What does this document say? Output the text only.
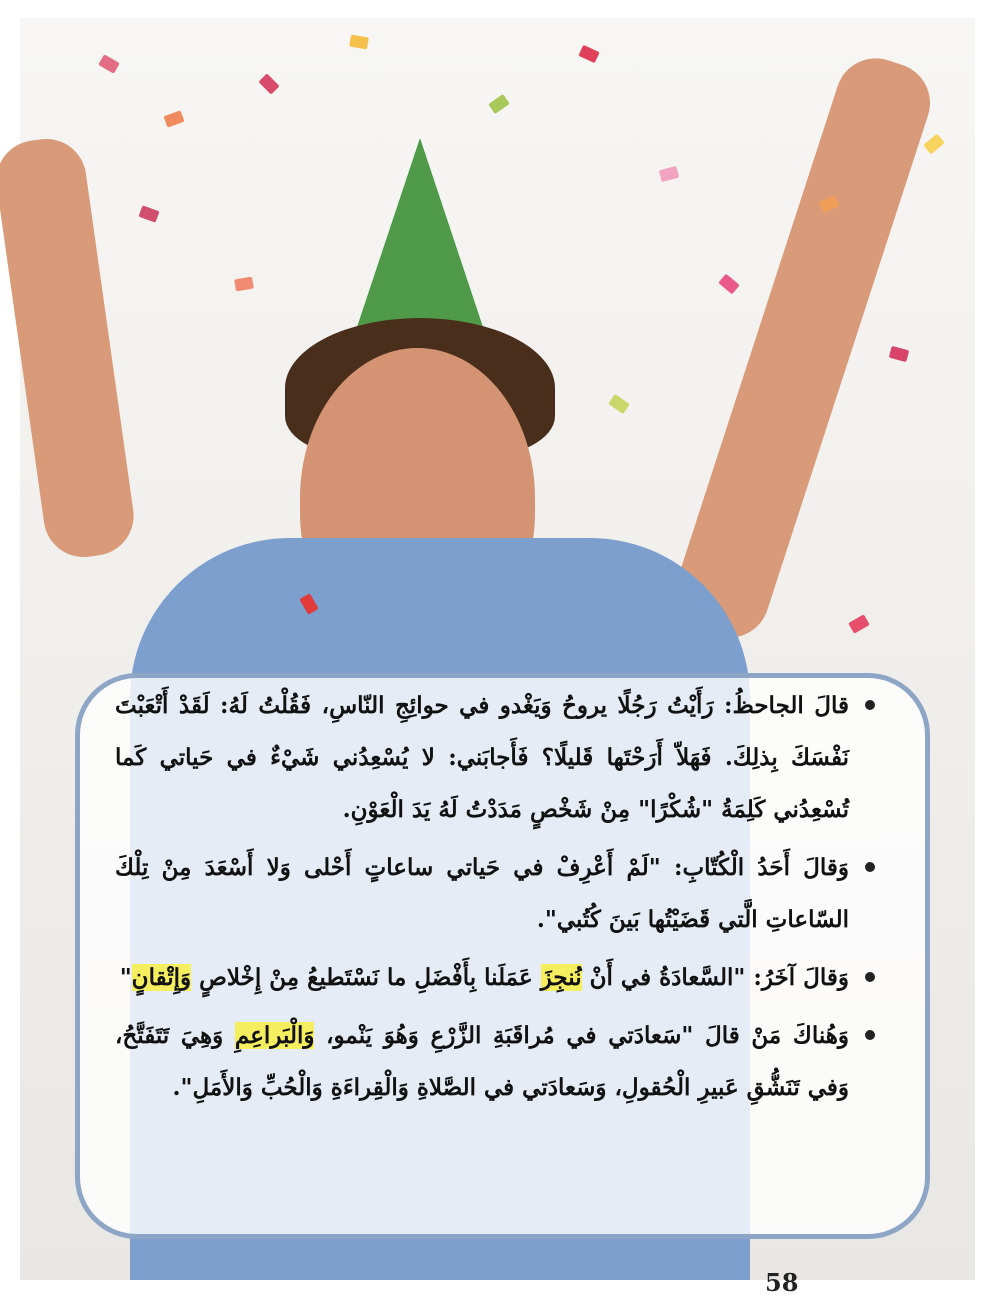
58

قالَ الجاحظُ: رَأَيْتُ رَجُلًا يروحُ وَيَغْدو في حوائِجِ النّاسِ، فَقُلْتُ لَهُ: لَقَدْ أَتْعَبْتَ نَفْسَكَ بِذلِكَ. فَهَلاّ أَرَحْتَها قَليلًا؟ فَأَجابَني: لا يُسْعِدُني شَيْءٌ في حَياتي كَما تُسْعِدُني كَلِمَةُ "شُكْرًا" مِنْ شَخْصٍ مَدَدْتُ لَهُ يَدَ الْعَوْنِ.

وَقالَ أَحَدُ الْكُتّابِ: "لَمْ أَعْرِفْ في حَياتي ساعاتٍ أَحْلى وَلا أَسْعَدَ مِنْ تِلْكَ السّاعاتِ الَّتي قَضَيْتُها بَينَ كُتُبي".

وَقالَ آخَرُ: "السَّعادَةُ في أَنْ نُنجِزَ عَمَلَنا بِأَفْضَلِ ما نَسْتَطيعُ مِنْ إِخْلاصٍ وَإِتْقانٍ"

وَهُناكَ مَنْ قالَ "سَعادَتي في مُراقَبَةِ الزَّرْعِ وَهُوَ يَنْمو، وَالْبَراعِمِ وَهِيَ تَتَفَتَّحُ، وَفي تَنَشُّقِ عَبيرِ الْحُقولِ، وَسَعادَتي في الصَّلاةِ وَالْقِراءَةِ وَالْحُبِّ وَالأَمَلِ".
